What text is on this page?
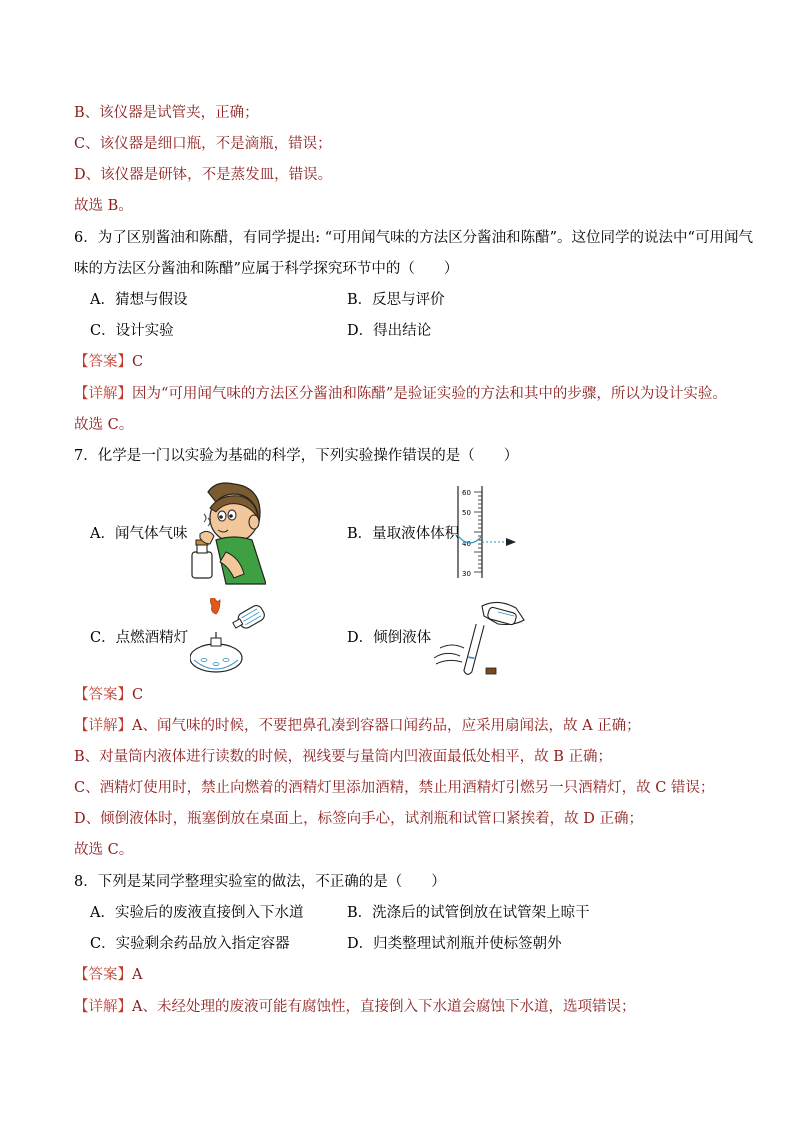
B、该仪器是试管夹，正确；
C、该仪器是细口瓶，不是滴瓶，错误；
D、该仪器是研钵，不是蒸发皿，错误。
故选 B。
6．为了区别酱油和陈醋，有同学提出: “可用闻气味的方法区分酱油和陈醋”。这位同学的说法中“可用闻气
味的方法区分酱油和陈醋”应属于科学探究环节中的（　　）
A．猜想与假设	B．反思与评价
C．设计实验	D．得出结论
【答案】C
【详解】因为“可用闻气味的方法区分酱油和陈醋”是验证实验的方法和其中的步骤，所以为设计实验。
故选 C。
7．化学是一门以实验为基础的科学，下列实验操作错误的是（　　）
A．闻气体气味	B．量取液体体积
C．点燃酒精灯	D．倾倒液体
60
50
40
30
【答案】C
【详解】A、闻气味的时候，不要把鼻孔凑到容器口闻药品，应采用扇闻法，故 A 正确；
B、对量筒内液体进行读数的时候，视线要与量筒内凹液面最低处相平，故 B 正确；
C、酒精灯使用时，禁止向燃着的酒精灯里添加酒精，禁止用酒精灯引燃另一只酒精灯，故 C 错误；
D、倾倒液体时，瓶塞倒放在桌面上，标签向手心，试剂瓶和试管口紧挨着，故 D 正确；
故选 C。
8．下列是某同学整理实验室的做法，不正确的是（　　）
A．实验后的废液直接倒入下水道	B．洗涤后的试管倒放在试管架上晾干
C．实验剩余药品放入指定容器	D．归类整理试剂瓶并使标签朝外
【答案】A
【详解】A、未经处理的废液可能有腐蚀性，直接倒入下水道会腐蚀下水道，选项错误；
